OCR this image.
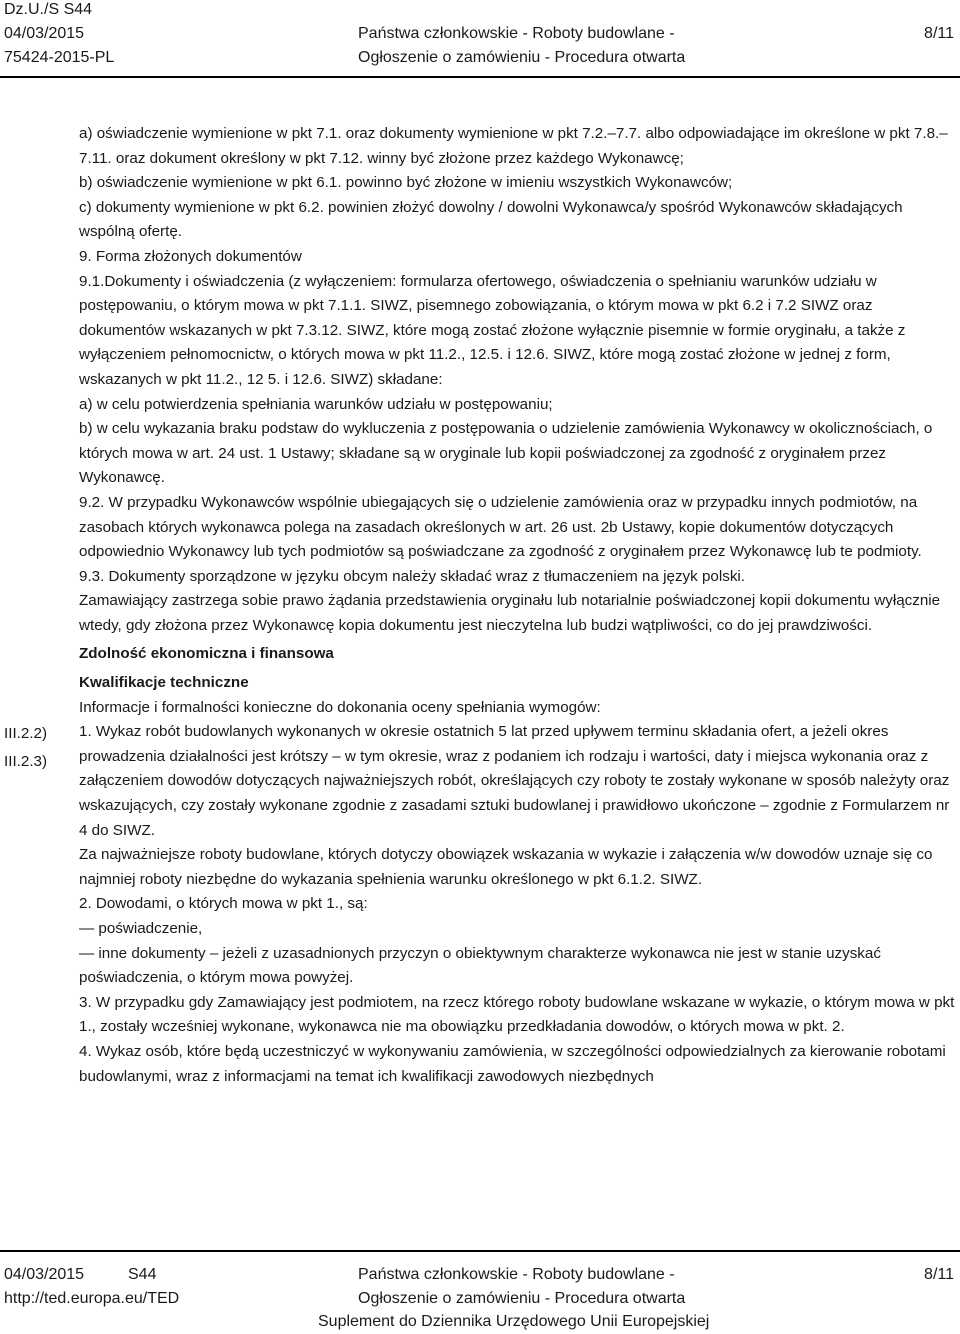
Dz.U./S S44
04/03/2015
75424-2015-PL
Państwa członkowskie - Roboty budowlane -
Ogłoszenie o zamówieniu - Procedura otwarta
8/11
III.2.2)
III.2.3)

a) oświadczenie wymienione w pkt 7.1. oraz dokumenty wymienione w pkt 7.2.–7.7. albo odpowiadające im określone w pkt 7.8.–7.11. oraz dokument określony w pkt 7.12. winny być złożone przez każdego Wykonawcę;

b) oświadczenie wymienione w pkt 6.1. powinno być złożone w imieniu wszystkich Wykonawców;

c) dokumenty wymienione w pkt 6.2. powinien złożyć dowolny / dowolni Wykonawca/y spośród Wykonawców składających wspólną ofertę.

9. Forma złożonych dokumentów

9.1.Dokumenty i oświadczenia (z wyłączeniem: formularza ofertowego, oświadczenia o spełnianiu warunków udziału w postępowaniu, o którym mowa w pkt 7.1.1. SIWZ, pisemnego zobowiązania, o którym mowa w pkt 6.2 i 7.2 SIWZ oraz dokumentów wskazanych w pkt 7.3.12. SIWZ, które mogą zostać złożone wyłącznie pisemnie w formie oryginału, a także z wyłączeniem pełnomocnictw, o których mowa w pkt 11.2., 12.5. i 12.6. SIWZ, które mogą zostać złożone w jednej z form, wskazanych w pkt 11.2., 12 5. i 12.6. SIWZ) składane:

a) w celu potwierdzenia spełniania warunków udziału w postępowaniu;

b) w celu wykazania braku podstaw do wykluczenia z postępowania o udzielenie zamówienia Wykonawcy w okolicznościach, o których mowa w art. 24 ust. 1 Ustawy; składane są w oryginale lub kopii poświadczonej za zgodność z oryginałem przez Wykonawcę.

9.2. W przypadku Wykonawców wspólnie ubiegających się o udzielenie zamówienia oraz w przypadku innych podmiotów, na zasobach których wykonawca polega na zasadach określonych w art. 26 ust. 2b Ustawy, kopie dokumentów dotyczących odpowiednio Wykonawcy lub tych podmiotów są poświadczane za zgodność z oryginałem przez Wykonawcę lub te podmioty.

9.3. Dokumenty sporządzone w języku obcym należy składać wraz z tłumaczeniem na język polski.

Zamawiający zastrzega sobie prawo żądania przedstawienia oryginału lub notarialnie poświadczonej kopii dokumentu wyłącznie wtedy, gdy złożona przez Wykonawcę kopia dokumentu jest nieczytelna lub budzi wątpliwości, co do jej prawdziwości.

Zdolność ekonomiczna i finansowa
Kwalifikacje techniczne

Informacje i formalności konieczne do dokonania oceny spełniania wymogów:

1. Wykaz robót budowlanych wykonanych w okresie ostatnich 5 lat przed upływem terminu składania ofert, a jeżeli okres prowadzenia działalności jest krótszy – w tym okresie, wraz z podaniem ich rodzaju i wartości, daty i miejsca wykonania oraz z załączeniem dowodów dotyczących najważniejszych robót, określających czy roboty te zostały wykonane w sposób należyty oraz wskazujących, czy zostały wykonane zgodnie z zasadami sztuki budowlanej i prawidłowo ukończone – zgodnie z Formularzem nr 4 do SIWZ.

Za najważniejsze roboty budowlane, których dotyczy obowiązek wskazania w wykazie i załączenia w/w dowodów uznaje się co najmniej roboty niezbędne do wykazania spełnienia warunku określonego w pkt 6.1.2. SIWZ.

2. Dowodami, o których mowa w pkt 1., są:

— poświadczenie,

— inne dokumenty – jeżeli z uzasadnionych przyczyn o obiektywnym charakterze wykonawca nie jest w stanie uzyskać poświadczenia, o którym mowa powyżej.

3. W przypadku gdy Zamawiający jest podmiotem, na rzecz którego roboty budowlane wskazane w wykazie, o którym mowa w pkt 1., zostały wcześniej wykonane, wykonawca nie ma obowiązku przedkładania dowodów, o których mowa w pkt. 2.

4. Wykaz osób, które będą uczestniczyć w wykonywaniu zamówienia, w szczególności odpowiedzialnych za kierowanie robotami budowlanymi, wraz z informacjami na temat ich kwalifikacji zawodowych niezbędnych

04/03/2015	S44
http://ted.europa.eu/TED
Państwa członkowskie - Roboty budowlane -
Ogłoszenie o zamówieniu - Procedura otwarta
8/11
Suplement do Dziennika Urzędowego Unii Europejskiej
